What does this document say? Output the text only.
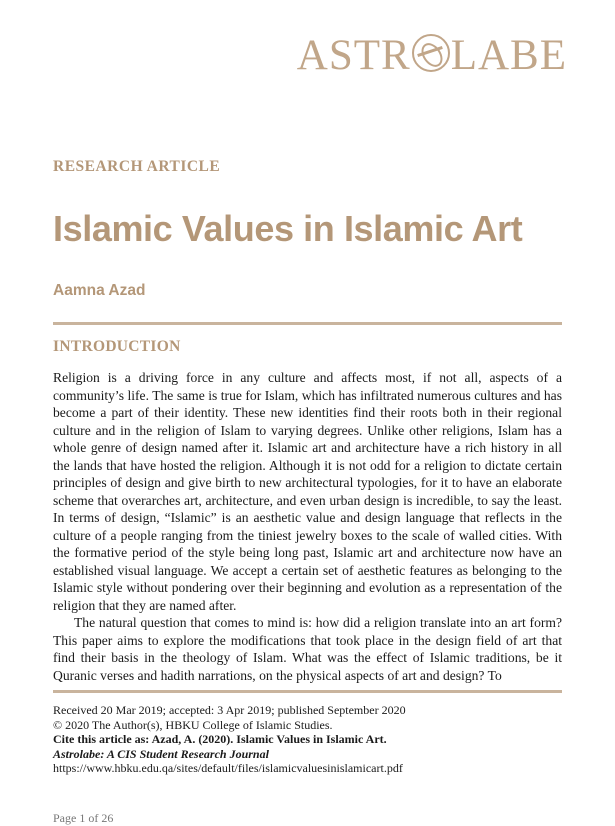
ASTR LABE
RESEARCH ARTICLE
Islamic Values in Islamic Art
Aamna Azad
INTRODUCTION

Religion is a driving force in any culture and affects most, if not all, aspects of a community’s life. The same is true for Islam, which has infiltrated numerous cultures and has become a part of their identity. These new identities find their roots both in their regional culture and in the religion of Islam to varying degrees. Unlike other religions, Islam has a whole genre of design named after it. Islamic art and architecture have a rich history in all the lands that have hosted the religion. Although it is not odd for a religion to dictate certain principles of design and give birth to new architectural typologies, for it to have an elaborate scheme that overarches art, architecture, and even urban design is incredible, to say the least. In terms of design, “Islamic” is an aesthetic value and design language that reflects in the culture of a people ranging from the tiniest jewelry boxes to the scale of walled cities. With the formative period of the style being long past, Islamic art and architecture now have an established visual language. We accept a certain set of aesthetic features as belonging to the Islamic style without pondering over their beginning and evolution as a representation of the religion that they are named after.

The natural question that comes to mind is: how did a religion translate into an art form? This paper aims to explore the modifications that took place in the design field of art that find their basis in the theology of Islam. What was the effect of Islamic traditions, be it Quranic verses and hadith narrations, on the physical aspects of art and design? To

Received 20 Mar 2019; accepted: 3 Apr 2019; published September 2020
© 2020 The Author(s), HBKU College of Islamic Studies.
Cite this article as: Azad, A. (2020). Islamic Values in Islamic Art.
Astrolabe: A CIS Student Research Journal
https://www.hbku.edu.qa/sites/default/files/islamicvaluesinislamicart.pdf
Page 1 of 26
